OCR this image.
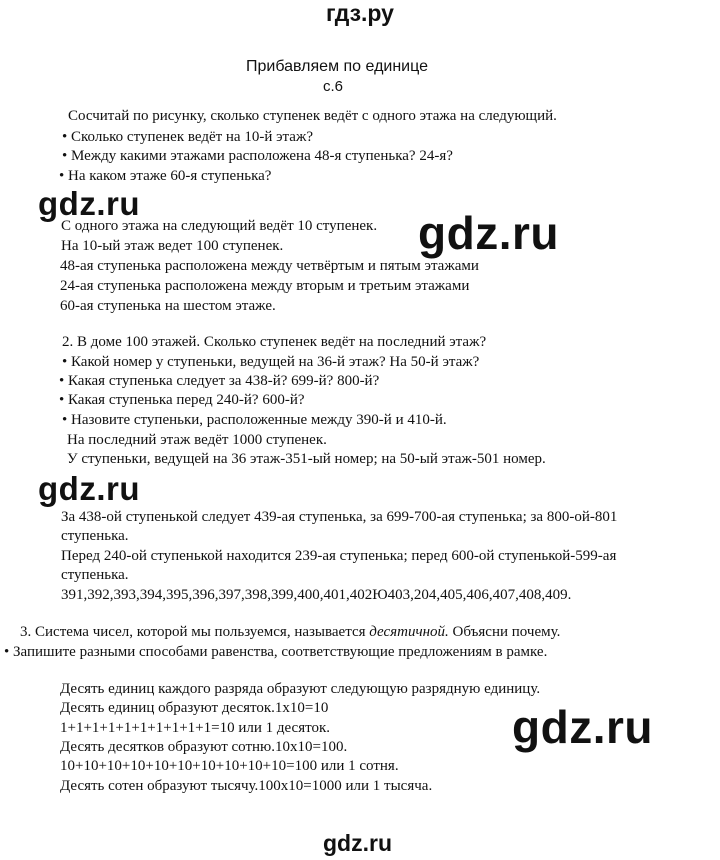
гдз.ру
Прибавляем по единице
с.6
Сосчитай по рисунку, сколько ступенек ведёт с одного этажа на следующий.
• Сколько ступенек ведёт на 10-й этаж?
• Между какими этажами расположена 48-я ступенька? 24-я?
• На каком этаже 60-я ступенька?
С одного этажа на следующий ведёт 10 ступенек.
На 10-ый этаж ведет 100 ступенек.
48-ая ступенька расположена между четвёртым и пятым этажами
24-ая ступенька расположена между вторым и третьим этажами
60-ая ступенька на шестом этаже.
2. В доме 100 этажей. Сколько ступенек ведёт на последний этаж?
• Какой номер у ступеньки, ведущей на 36-й этаж? На 50-й этаж?
• Какая ступенька следует за 438-й? 699-й? 800-й?
• Какая ступенька перед 240-й? 600-й?
• Назовите ступеньки, расположенные между 390-й и 410-й.
На последний этаж ведёт 1000 ступенек.
У ступеньки, ведущей на 36 этаж-351-ый номер; на 50-ый этаж-501 номер.
За 438-ой ступенькой следует 439-ая ступенька, за 699-700-ая ступенька; за 800-ой-801
ступенька.
Перед 240-ой ступенькой находится 239-ая ступенька; перед 600-ой ступенькой-599-ая
ступенька.
391,392,393,394,395,396,397,398,399,400,401,402Ю403,204,405,406,407,408,409.
3. Система чисел, которой мы пользуемся, называется десятичной. Объясни почему.
• Запишите разными способами равенства, соответствующие предложениям в рамке.
Десять единиц каждого разряда образуют следующую разрядную единицу.
Десять единиц образуют десяток.1х10=10
1+1+1+1+1+1+1+1+1+1=10 или 1 десяток.
Десять десятков образуют сотню.10х10=100.
10+10+10+10+10+10+10+10+10+10=100 или 1 сотня.
Десять сотен образуют тысячу.100х10=1000 или 1 тысяча.
gdz.ru
gdz.ru
gdz.ru
gdz.ru
gdz.ru
